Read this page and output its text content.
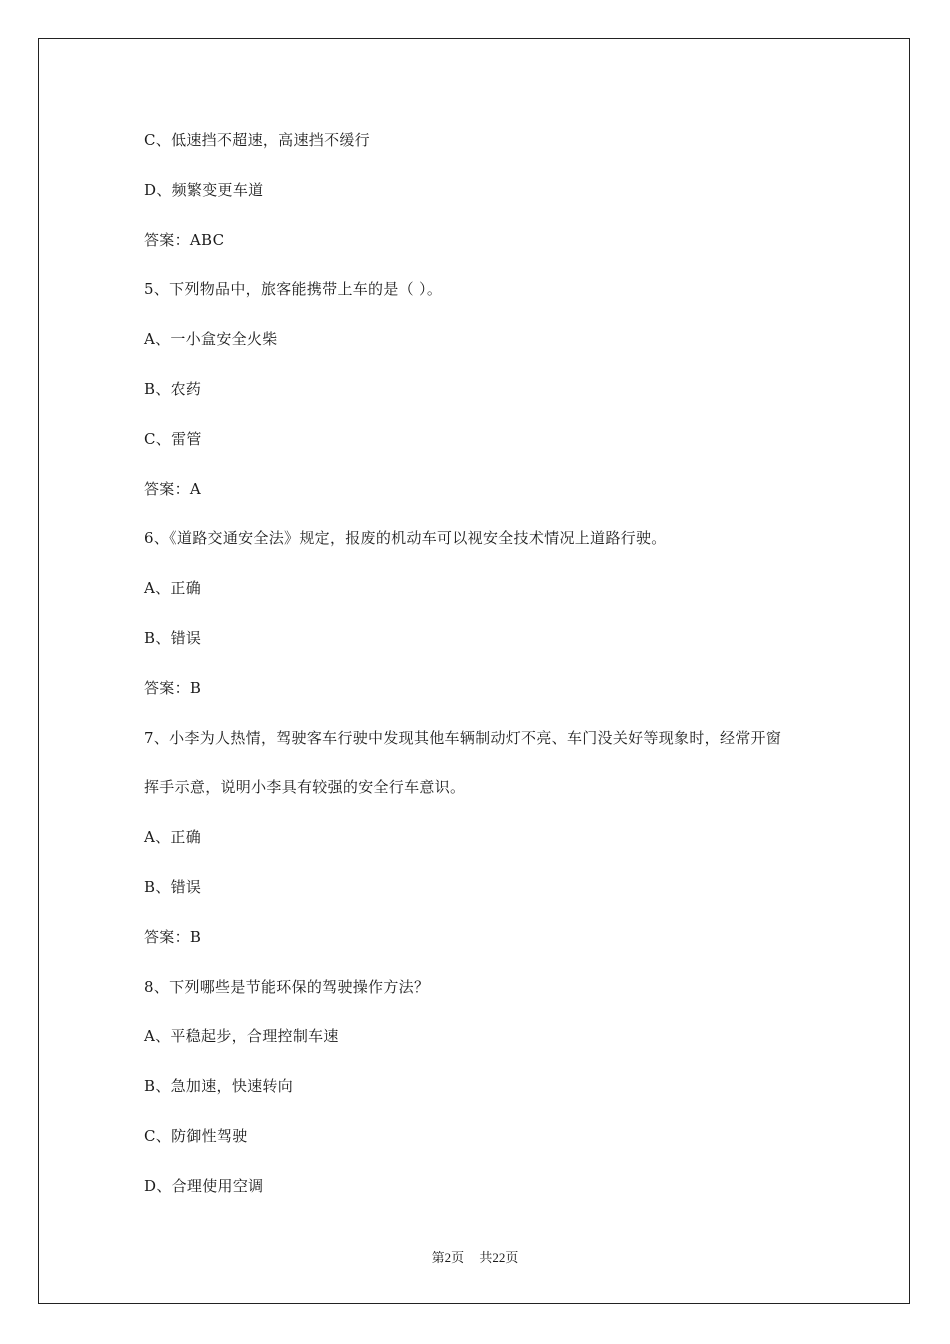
C、低速挡不超速，高速挡不缓行
D、频繁变更车道
答案：ABC
5、下列物品中，旅客能携带上车的是（ ）。
A、一小盒安全火柴
B、农药
C、雷管
答案：A
6、《道路交通安全法》规定，报废的机动车可以视安全技术情况上道路行驶。
A、正确
B、错误
答案：B
7、小李为人热情，驾驶客车行驶中发现其他车辆制动灯不亮、车门没关好等现象时，经常开窗
挥手示意，说明小李具有较强的安全行车意识。
A、正确
B、错误
答案：B
8、下列哪些是节能环保的驾驶操作方法？
A、平稳起步，合理控制车速
B、急加速，快速转向
C、防御性驾驶
D、合理使用空调
第2页 共22页
